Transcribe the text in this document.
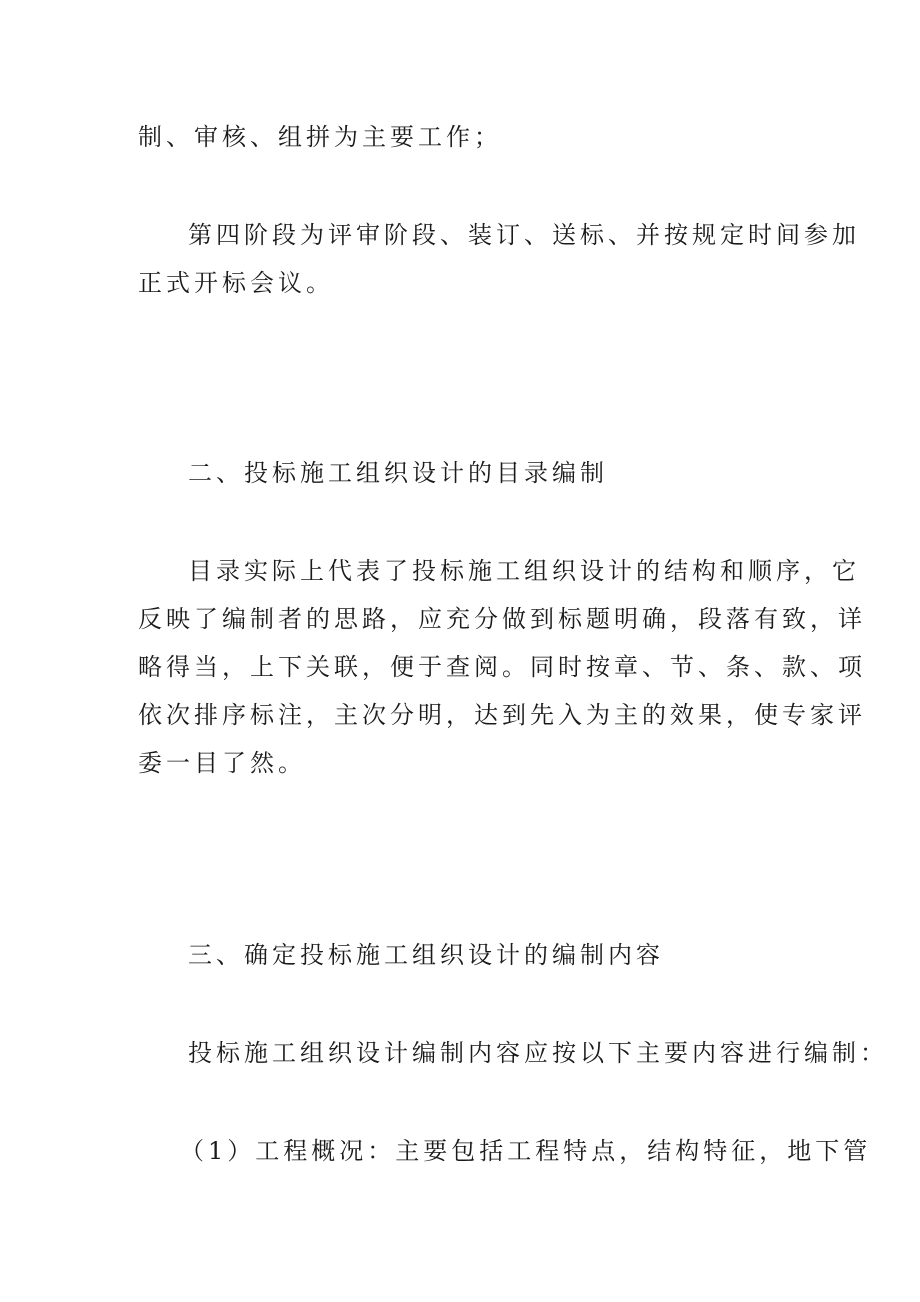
制、审核、组拼为主要工作；
第四阶段为评审阶段、装订、送标、并按规定时间参加
正式开标会议。
二、投标施工组织设计的目录编制
目录实际上代表了投标施工组织设计的结构和顺序，它
反映了编制者的思路，应充分做到标题明确，段落有致，详
略得当，上下关联，便于查阅。同时按章、节、条、款、项
依次排序标注，主次分明，达到先入为主的效果，使专家评
委一目了然。
三、确定投标施工组织设计的编制内容
投标施工组织设计编制内容应按以下主要内容进行编制：
（1）工程概况：主要包括工程特点，结构特征，地下管
